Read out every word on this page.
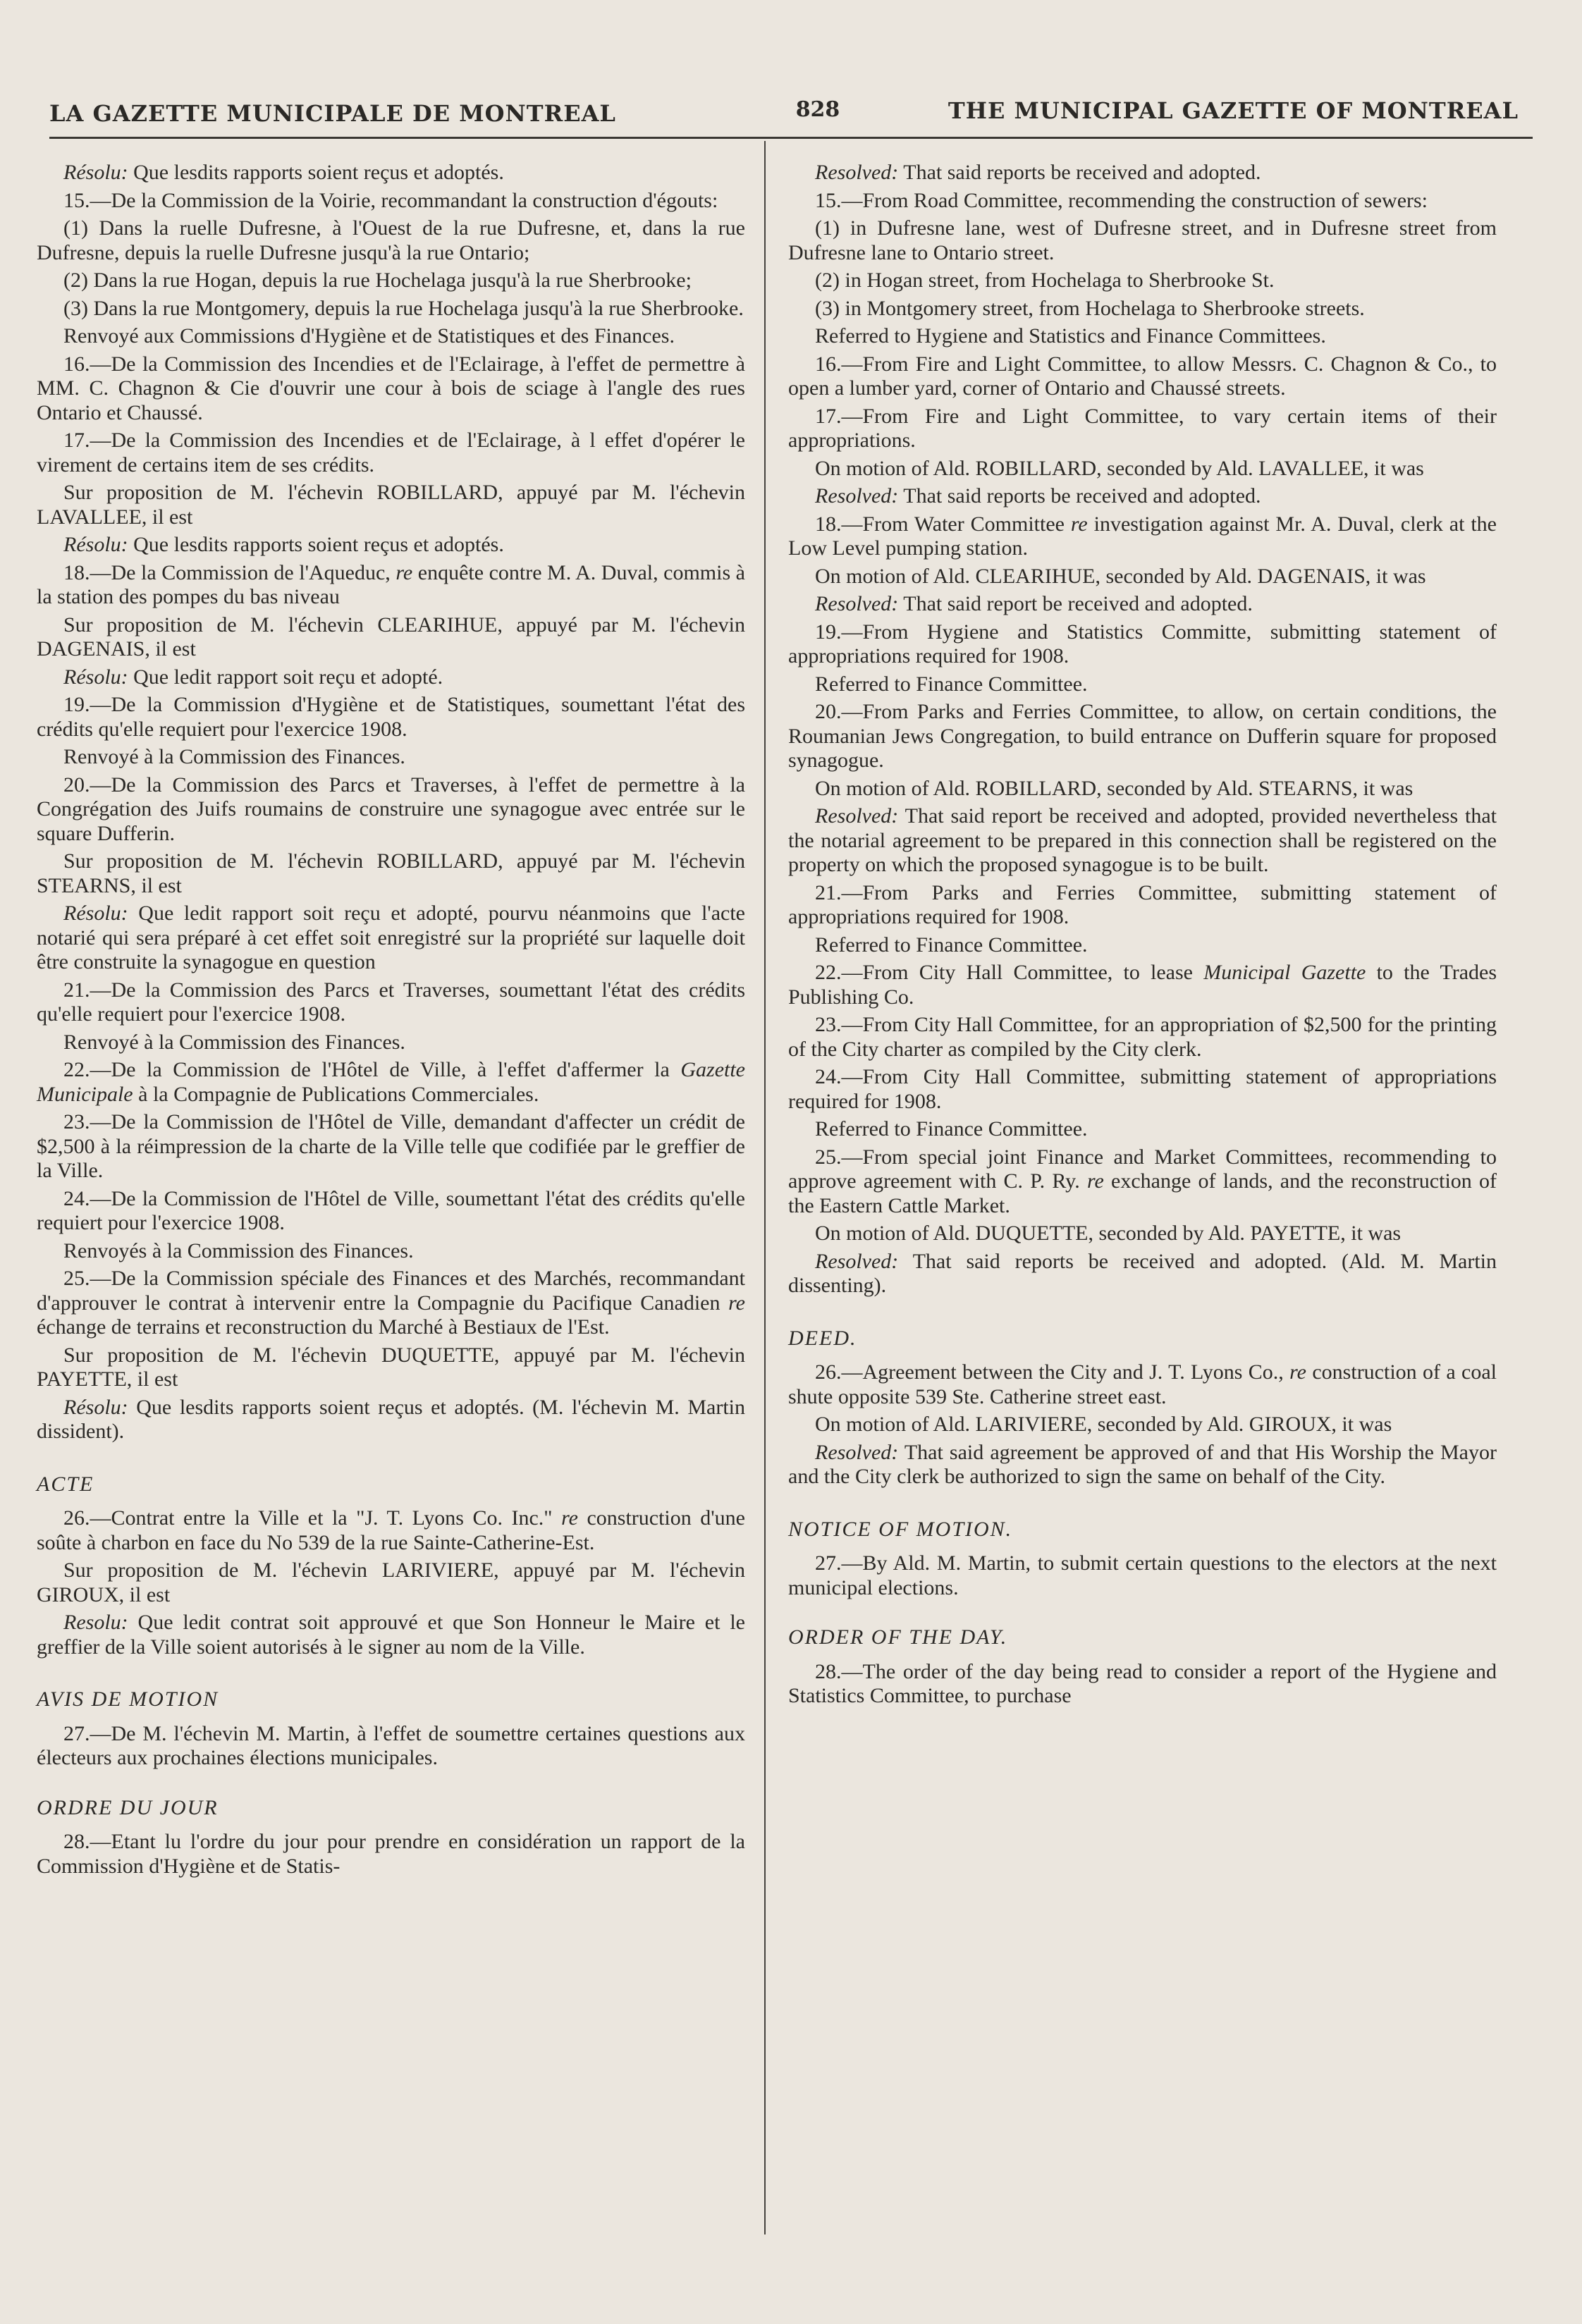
LA GAZETTE MUNICIPALE DE MONTREAL	828	THE MUNICIPAL GAZETTE OF MONTREAL

Résolu: Que lesdits rapports soient reçus et adoptés.

15.—De la Commission de la Voirie, recommandant la construction d'égouts:

(1) Dans la ruelle Dufresne, à l'Ouest de la rue Dufresne, et, dans la rue Dufresne, depuis la ruelle Dufresne jusqu'à la rue Ontario;

(2) Dans la rue Hogan, depuis la rue Hochelaga jusqu'à la rue Sherbrooke;

(3) Dans la rue Montgomery, depuis la rue Hochelaga jusqu'à la rue Sherbrooke.

Renvoyé aux Commissions d'Hygiène et de Statistiques et des Finances.

16.—De la Commission des Incendies et de l'Eclairage, à l'effet de permettre à MM. C. Chagnon & Cie d'ouvrir une cour à bois de sciage à l'angle des rues Ontario et Chaussé.

17.—De la Commission des Incendies et de l'Eclairage, à l effet d'opérer le virement de certains item de ses crédits.

Sur proposition de M. l'échevin ROBILLARD, appuyé par M. l'échevin LAVALLEE, il est

Résolu: Que lesdits rapports soient reçus et adoptés.

18.—De la Commission de l'Aqueduc, re enquête contre M. A. Duval, commis à la station des pompes du bas niveau

Sur proposition de M. l'échevin CLEARIHUE, appuyé par M. l'échevin DAGENAIS, il est

Résolu: Que ledit rapport soit reçu et adopté.

19.—De la Commission d'Hygiène et de Statistiques, soumettant l'état des crédits qu'elle requiert pour l'exercice 1908.

Renvoyé à la Commission des Finances.

20.—De la Commission des Parcs et Traverses, à l'effet de permettre à la Congrégation des Juifs roumains de construire une synagogue avec entrée sur le square Dufferin.

Sur proposition de M. l'échevin ROBILLARD, appuyé par M. l'échevin STEARNS, il est

Résolu: Que ledit rapport soit reçu et adopté, pourvu néanmoins que l'acte notarié qui sera préparé à cet effet soit enregistré sur la propriété sur laquelle doit être construite la synagogue en question

21.—De la Commission des Parcs et Traverses, soumettant l'état des crédits qu'elle requiert pour l'exercice 1908.

Renvoyé à la Commission des Finances.

22.—De la Commission de l'Hôtel de Ville, à l'effet d'affermer la Gazette Municipale à la Compagnie de Publications Commerciales.

23.—De la Commission de l'Hôtel de Ville, demandant d'affecter un crédit de $2,500 à la réimpression de la charte de la Ville telle que codifiée par le greffier de la Ville.

24.—De la Commission de l'Hôtel de Ville, soumettant l'état des crédits qu'elle requiert pour l'exercice 1908.

Renvoyés à la Commission des Finances.

25.—De la Commission spéciale des Finances et des Marchés, recommandant d'approuver le contrat à intervenir entre la Compagnie du Pacifique Canadien re échange de terrains et reconstruction du Marché à Bestiaux de l'Est.

Sur proposition de M. l'échevin DUQUETTE, appuyé par M. l'échevin PAYETTE, il est

Résolu: Que lesdits rapports soient reçus et adoptés. (M. l'échevin M. Martin dissident).

ACTE

26.—Contrat entre la Ville et la "J. T. Lyons Co. Inc." re construction d'une soûte à charbon en face du No 539 de la rue Sainte-Catherine-Est.

Sur proposition de M. l'échevin LARIVIERE, appuyé par M. l'échevin GIROUX, il est

Resolu: Que ledit contrat soit approuvé et que Son Honneur le Maire et le greffier de la Ville soient autorisés à le signer au nom de la Ville.

AVIS DE MOTION

27.—De M. l'échevin M. Martin, à l'effet de soumettre certaines questions aux électeurs aux prochaines élections municipales.

ORDRE DU JOUR

28.—Etant lu l'ordre du jour pour prendre en considération un rapport de la Commission d'Hygiène et de Statis-

Resolved: That said reports be received and adopted.

15.—From Road Committee, recommending the construction of sewers:

(1) in Dufresne lane, west of Dufresne street, and in Dufresne street from Dufresne lane to Ontario street.

(2) in Hogan street, from Hochelaga to Sherbrooke St.

(3) in Montgomery street, from Hochelaga to Sherbrooke streets.

Referred to Hygiene and Statistics and Finance Committees.

16.—From Fire and Light Committee, to allow Messrs. C. Chagnon & Co., to open a lumber yard, corner of Ontario and Chaussé streets.

17.—From Fire and Light Committee, to vary certain items of their appropriations.

On motion of Ald. ROBILLARD, seconded by Ald. LAVALLEE, it was

Resolved: That said reports be received and adopted.

18.—From Water Committee re investigation against Mr. A. Duval, clerk at the Low Level pumping station.

On motion of Ald. CLEARIHUE, seconded by Ald. DAGENAIS, it was

Resolved: That said report be received and adopted.

19.—From Hygiene and Statistics Committe, submitting statement of appropriations required for 1908.

Referred to Finance Committee.

20.—From Parks and Ferries Committee, to allow, on certain conditions, the Roumanian Jews Congregation, to build entrance on Dufferin square for proposed synagogue.

On motion of Ald. ROBILLARD, seconded by Ald. STEARNS, it was

Resolved: That said report be received and adopted, provided nevertheless that the notarial agreement to be prepared in this connection shall be registered on the property on which the proposed synagogue is to be built.

21.—From Parks and Ferries Committee, submitting statement of appropriations required for 1908.

Referred to Finance Committee.

22.—From City Hall Committee, to lease Municipal Gazette to the Trades Publishing Co.

23.—From City Hall Committee, for an appropriation of $2,500 for the printing of the City charter as compiled by the City clerk.

24.—From City Hall Committee, submitting statement of appropriations required for 1908.

Referred to Finance Committee.

25.—From special joint Finance and Market Committees, recommending to approve agreement with C. P. Ry. re exchange of lands, and the reconstruction of the Eastern Cattle Market.

On motion of Ald. DUQUETTE, seconded by Ald. PAYETTE, it was

Resolved: That said reports be received and adopted. (Ald. M. Martin dissenting).

DEED.

26.—Agreement between the City and J. T. Lyons Co., re construction of a coal shute opposite 539 Ste. Catherine street east.

On motion of Ald. LARIVIERE, seconded by Ald. GIROUX, it was

Resolved: That said agreement be approved of and that His Worship the Mayor and the City clerk be authorized to sign the same on behalf of the City.

NOTICE OF MOTION.

27.—By Ald. M. Martin, to submit certain questions to the electors at the next municipal elections.

ORDER OF THE DAY.

28.—The order of the day being read to consider a report of the Hygiene and Statistics Committee, to purchase
